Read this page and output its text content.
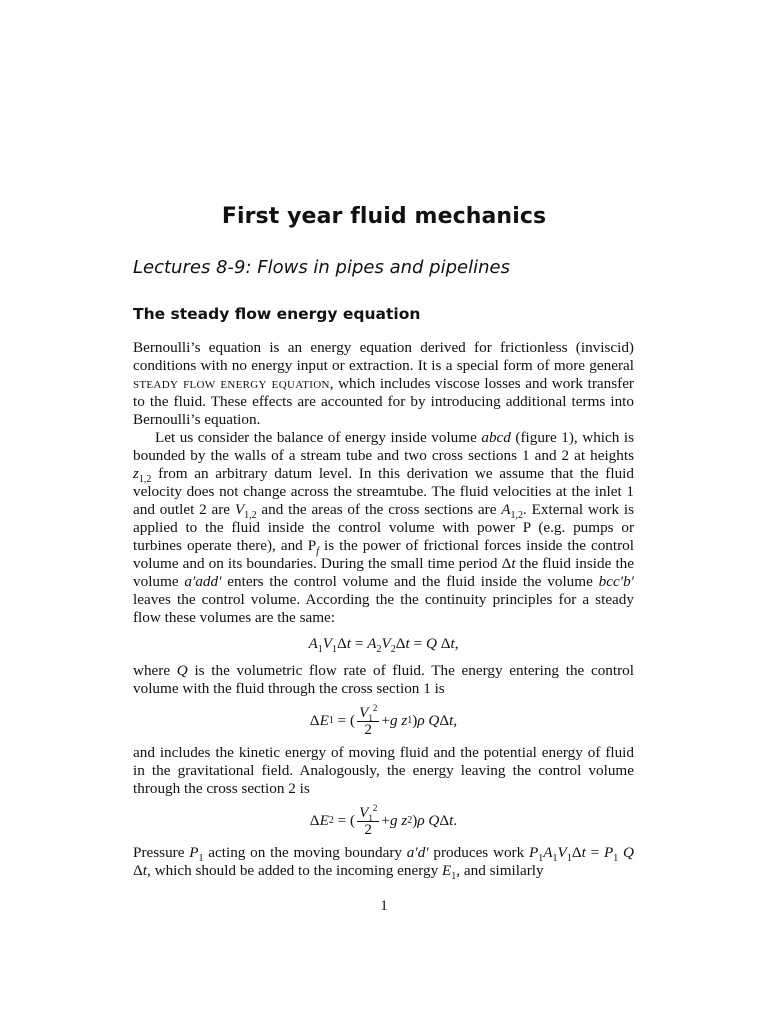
First year fluid mechanics
Lectures 8-9: Flows in pipes and pipelines
The steady flow energy equation

Bernoulli’s equation is an energy equation derived for frictionless (inviscid) conditions with no energy input or extraction. It is a special form of more general steady flow energy equation, which includes viscose losses and work transfer to the fluid. These effects are accounted for by introducing additional terms into Bernoulli’s equation.

Let us consider the balance of energy inside volume abcd (figure 1), which is bounded by the walls of a stream tube and two cross sections 1 and 2 at heights $z_{1,2}$ from an arbitrary datum level. In this derivation we assume that the fluid velocity does not change across the streamtube. The fluid velocities at the inlet 1 and outlet 2 are $V_{1,2}$ and the areas of the cross sections are $A_{1,2}$. External work is applied to the fluid inside the control volume with power P (e.g. pumps or turbines operate there), and $P_f$ is the power of frictional forces inside the control volume and on its boundaries. During the small time period Δt the fluid inside the volume a′add′ enters the control volume and the fluid inside the volume bcc′b′ leaves the control volume. According the the continuity principles for a steady flow these volumes are the same:

$A_1V_1\Delta t = A_2V_2\Delta t = Q$ Δt,

where Q is the volumetric flow rate of fluid. The energy entering the control volume with the fluid through the cross section 1 is

Δ E 1 = ( $\frac{V_1^2}{2} + g$ z 1 ) ρ Q Δ t ,

and includes the kinetic energy of moving fluid and the potential energy of fluid in the gravitational field. Analogously, the energy leaving the control volume through the cross section 2 is

Δ E 2 = ( $\frac{V_1^2}{2} + g$ z 2 ) ρ Q Δ t .

Pressure $P_1$ acting on the moving boundary a′d′ produces work $P_1A_1V_1\Delta t = P_1$ Q Δt, which should be added to the incoming energy $E_1$, and similarly

1
